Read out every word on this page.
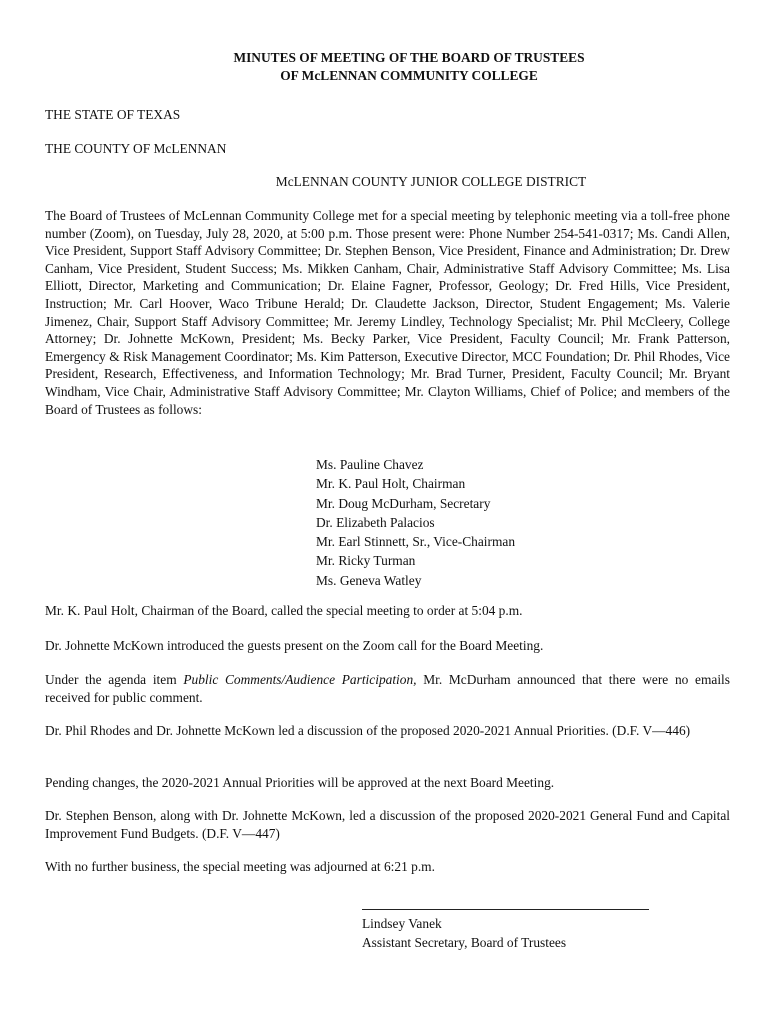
MINUTES OF MEETING OF THE BOARD OF TRUSTEES
OF McLENNAN COMMUNITY COLLEGE
THE STATE OF TEXAS
THE COUNTY OF McLENNAN
McLENNAN COUNTY JUNIOR COLLEGE DISTRICT

The Board of Trustees of McLennan Community College met for a special meeting by telephonic meeting via a toll-free phone number (Zoom), on Tuesday, July 28, 2020, at 5:00 p.m. Those present were: Phone Number 254-541-0317; Ms. Candi Allen, Vice President, Support Staff Advisory Committee; Dr. Stephen Benson, Vice President, Finance and Administration; Dr. Drew Canham, Vice President, Student Success; Ms. Mikken Canham, Chair, Administrative Staff Advisory Committee; Ms. Lisa Elliott, Director, Marketing and Communication; Dr. Elaine Fagner, Professor, Geology; Dr. Fred Hills, Vice President, Instruction; Mr. Carl Hoover, Waco Tribune Herald; Dr. Claudette Jackson, Director, Student Engagement; Ms. Valerie Jimenez, Chair, Support Staff Advisory Committee; Mr. Jeremy Lindley, Technology Specialist; Mr. Phil McCleery, College Attorney; Dr. Johnette McKown, President; Ms. Becky Parker, Vice President, Faculty Council; Mr. Frank Patterson, Emergency & Risk Management Coordinator; Ms. Kim Patterson, Executive Director, MCC Foundation; Dr. Phil Rhodes, Vice President, Research, Effectiveness, and Information Technology; Mr. Brad Turner, President, Faculty Council; Mr. Bryant Windham, Vice Chair, Administrative Staff Advisory Committee; Mr. Clayton Williams, Chief of Police; and members of the Board of Trustees as follows:

Ms. Pauline Chavez
Mr. K. Paul Holt, Chairman
Mr. Doug McDurham, Secretary
Dr. Elizabeth Palacios
Mr. Earl Stinnett, Sr., Vice-Chairman
Mr. Ricky Turman
Ms. Geneva Watley

Mr. K. Paul Holt, Chairman of the Board, called the special meeting to order at 5:04 p.m.

Dr. Johnette McKown introduced the guests present on the Zoom call for the Board Meeting.

Under the agenda item Public Comments/Audience Participation, Mr. McDurham announced that there were no emails received for public comment.

Dr. Phil Rhodes and Dr. Johnette McKown led a discussion of the proposed 2020-2021 Annual Priorities. (D.F. V—446)

Pending changes, the 2020-2021 Annual Priorities will be approved at the next Board Meeting.

Dr. Stephen Benson, along with Dr. Johnette McKown, led a discussion of the proposed 2020-2021 General Fund and Capital Improvement Fund Budgets. (D.F. V—447)

With no further business, the special meeting was adjourned at 6:21 p.m.

Lindsey Vanek
Assistant Secretary, Board of Trustees
